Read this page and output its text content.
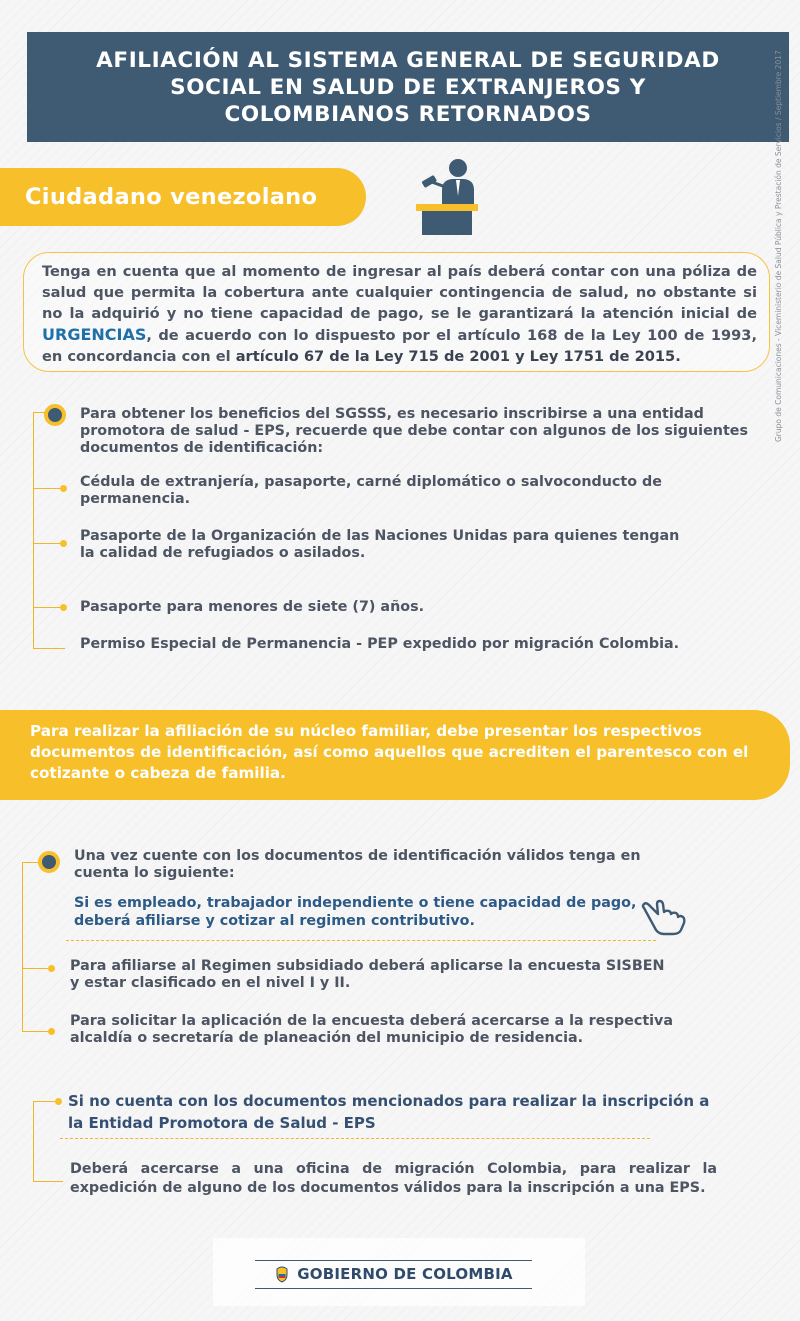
AFILIACIÓN AL SISTEMA GENERAL DE SEGURIDAD SOCIAL EN SALUD DE EXTRANJEROS Y COLOMBIANOS RETORNADOS	Grupo de Comunicaciones - Viceministerio de Salud Pública y Prestación de Servicios / Septiembre 2017
Ciudadano venezolano

Tenga en cuenta que al momento de ingresar al país deberá contar con una póliza de salud que permita la cobertura ante cualquier contingencia de salud, no obstante si no la adquirió y no tiene capacidad de pago, se le garantizará la atención inicial de URGENCIAS, de acuerdo con lo dispuesto por el artículo 168 de la Ley 100 de 1993, en concordancia con el artículo 67 de la Ley 715 de 2001 y Ley 1751 de 2015.

Para obtener los beneficios del SGSSS, es necesario inscribirse a una entidad promotora de salud - EPS, recuerde que debe contar con algunos de los siguientes documentos de identificación:
Cédula de extranjería, pasaporte, carné diplomático o salvoconducto de permanencia.
Pasaporte de la Organización de las Naciones Unidas para quienes tengan la calidad de refugiados o asilados.
Pasaporte para menores de siete (7) años.
Permiso Especial de Permanencia - PEP expedido por migración Colombia.

Para realizar la afiliación de su núcleo familiar, debe presentar los respectivos documentos de identificación, así como aquellos que acrediten el parentesco con el cotizante o cabeza de familia.

Una vez cuente con los documentos de identificación válidos tenga en cuenta lo siguiente:
Si es empleado, trabajador independiente o tiene capacidad de pago, deberá afiliarse y cotizar al regimen contributivo.
Para afiliarse al Regimen subsidiado deberá aplicarse la encuesta SISBEN y estar clasificado en el nivel I y II.
Para solicitar la aplicación de la encuesta deberá acercarse a la respectiva alcaldía o secretaría de planeación del municipio de residencia.
Si no cuenta con los documentos mencionados para realizar la inscripción a la Entidad Promotora de Salud - EPS
Deberá acercarse a una oficina de migración Colombia, para realizar la expedición de alguno de los documentos válidos para la inscripción a una EPS.
GOBIERNO DE COLOMBIA
